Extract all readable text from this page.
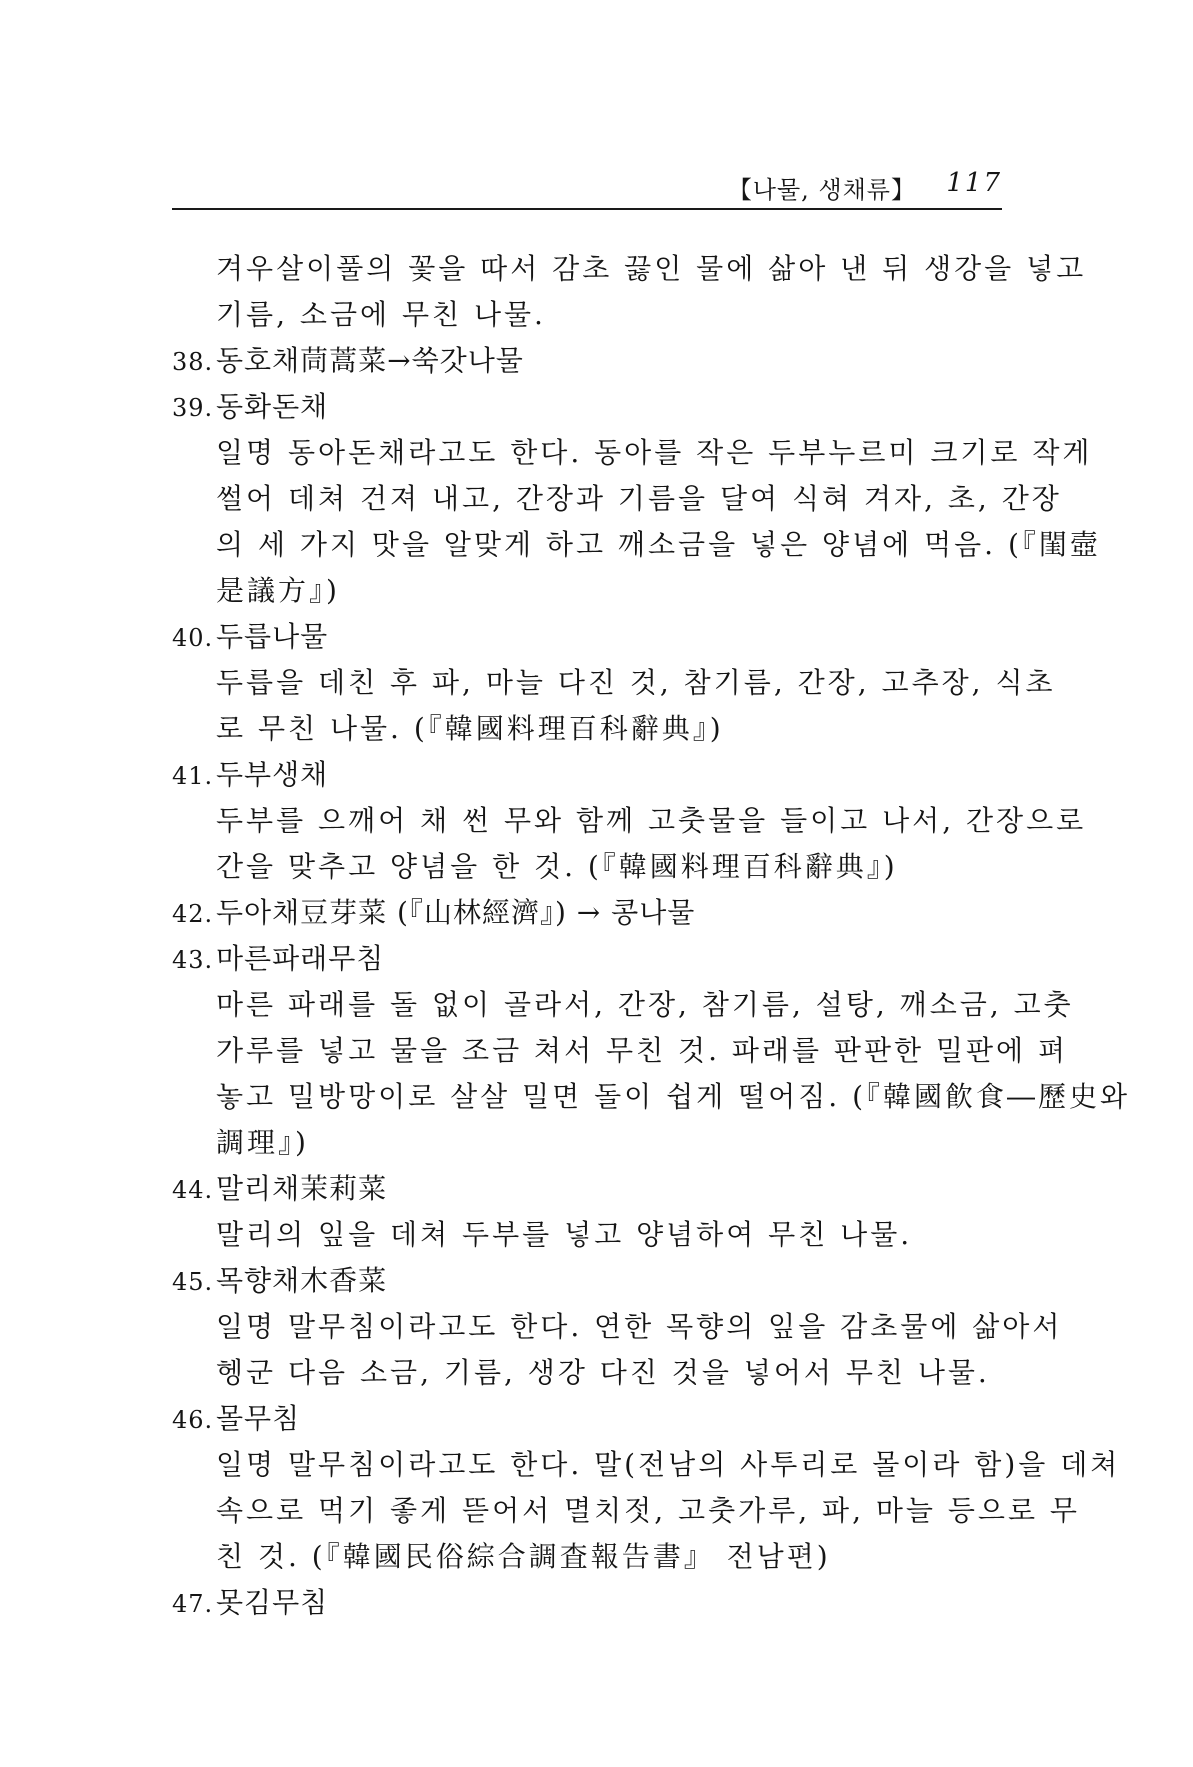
【나물, 생채류】 117
겨우살이풀의 꽃을 따서 감초 끓인 물에 삶아 낸 뒤 생강을 넣고
기름, 소금에 무친 나물.
38. 동호채茼蒿菜→쑥갓나물
39. 동화돈채
일명 동아돈채라고도 한다. 동아를 작은 두부누르미 크기로 작게
썰어 데쳐 건져 내고, 간장과 기름을 달여 식혀 겨자, 초, 간장
의 세 가지 맛을 알맞게 하고 깨소금을 넣은 양념에 먹음. (『閨壼
是議方』)
40. 두릅나물
두릅을 데친 후 파, 마늘 다진 것, 참기름, 간장, 고추장, 식초
로 무친 나물. (『韓國料理百科辭典』)
41. 두부생채
두부를 으깨어 채 썬 무와 함께 고춧물을 들이고 나서, 간장으로
간을 맞추고 양념을 한 것. (『韓國料理百科辭典』)
42. 두아채豆芽菜 (『山林經濟』) → 콩나물
43. 마른파래무침
마른 파래를 돌 없이 골라서, 간장, 참기름, 설탕, 깨소금, 고춧
가루를 넣고 물을 조금 쳐서 무친 것. 파래를 판판한 밀판에 펴
놓고 밀방망이로 살살 밀면 돌이 쉽게 떨어짐. (『韓國飮食―歷史와
調理』)
44. 말리채茉莉菜
말리의 잎을 데쳐 두부를 넣고 양념하여 무친 나물.
45. 목향채木香菜
일명 말무침이라고도 한다. 연한 목향의 잎을 감초물에 삶아서
헹군 다음 소금, 기름, 생강 다진 것을 넣어서 무친 나물.
46. 몰무침
일명 말무침이라고도 한다. 말(전남의 사투리로 몰이라 함)을 데쳐
속으로 먹기 좋게 뜯어서 멸치젓, 고춧가루, 파, 마늘 등으로 무
친 것. (『韓國民俗綜合調査報告書』 전남편)
47. 못김무침
